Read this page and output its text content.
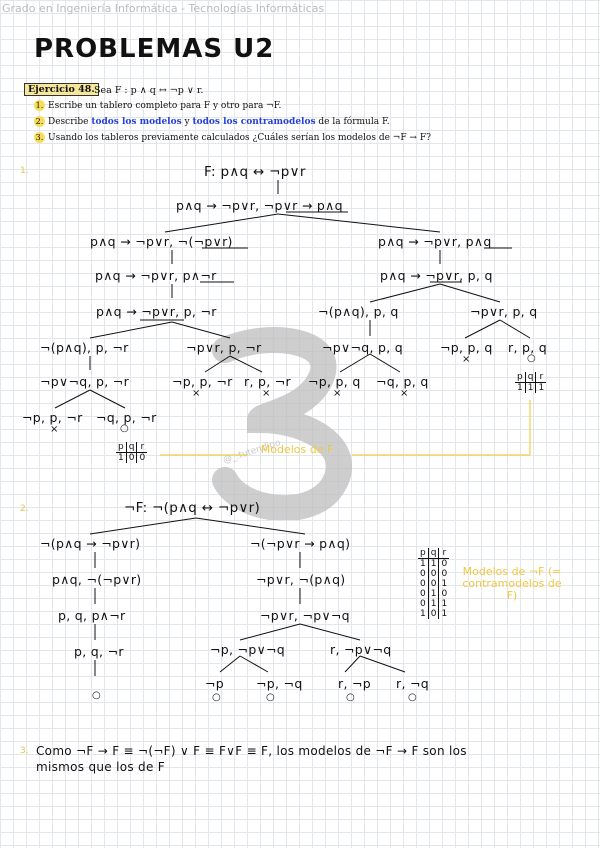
Grado en Ingeniería Informática - Tecnologías Informáticas
PROBLEMAS U2
Ejercicio 48. Sea F : p ∧ q ↔ ¬p ∨ r.
1. Escribe un tablero completo para F y otro para ¬F.
2. Describe todos los modelos y todos los contramodelos de la fórmula F.
3. Usando los tableros previamente calculados ¿Cuáles serían los modelos de ¬F → F?
@_.tutendipo
1.	F: p∧q ↔ ¬p∨r
p∧q → ¬p∨r, ¬p∨r → p∧q
p∧q → ¬p∨r, ¬(¬p∨r)	p∧q → ¬p∨r, p∧q
p∧q → ¬p∨r, p∧¬r	p∧q → ¬p∨r, p, q
p∧q → ¬p∨r, p, ¬r	¬(p∧q), p, q	¬p∨r, p, q
¬(p∧q), p, ¬r	¬p∨r, p, ¬r	¬p∨¬q, p, q	¬p, p, q r, p, q
×	○
¬p∨¬q, p, ¬r	¬p, p, ¬r r, p, ¬r ¬p, p, q ¬q, p, q
×	×	×	×
¬p, p, ¬r ¬q, p, ¬r
×	○
p	q	r
1	1	1
p	q	r
1	0	0
Modelos de F
2.	¬F: ¬(p∧q ↔ ¬p∨r)
¬(p∧q → ¬p∨r)	¬(¬p∨r → p∧q)
p∧q, ¬(¬p∨r)	¬p∨r, ¬(p∧q)
p, q, p∧¬r	¬p∨r, ¬p∨¬q
p, q, ¬r	¬p, ¬p∨¬q	r, ¬p∨¬q
○
¬p	¬p, ¬q	r, ¬p r, ¬q
○	○	○	○
p	q	r
1	1	0
0	0	0
0	0	1
0	1	0
0	1	1
1	0	1
Modelos de ¬F (= contramodelos de F)
3. Como ¬F → F ≡ ¬(¬F) ∨ F ≡ F∨F ≡ F, los modelos de ¬F → F son los
mismos que los de F
